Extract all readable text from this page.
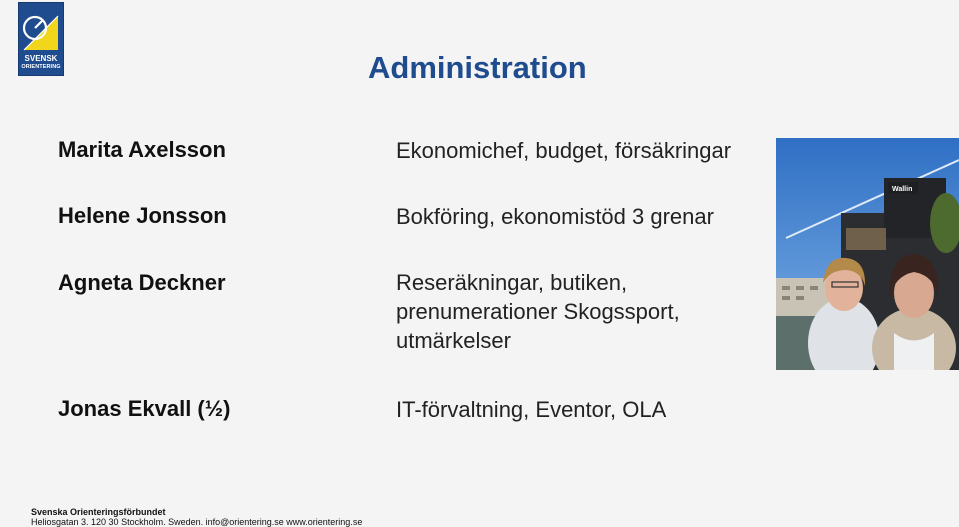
SVENSK
ORIENTERING	Administration
Marita Axelsson
Helene Jonsson
Agneta Deckner
Jonas Ekvall (½)
Ekonomichef, budget, försäkringar
Bokföring, ekonomistöd 3 grenar
Reseräkningar, butiken,
prenumerationer Skogssport,
utmärkelser
IT-förvaltning, Eventor, OLA
Wallin
Svenska Orienteringsförbundet
Heliosgatan 3. 120 30 Stockholm. Sweden. info@orientering.se www.orientering.se
